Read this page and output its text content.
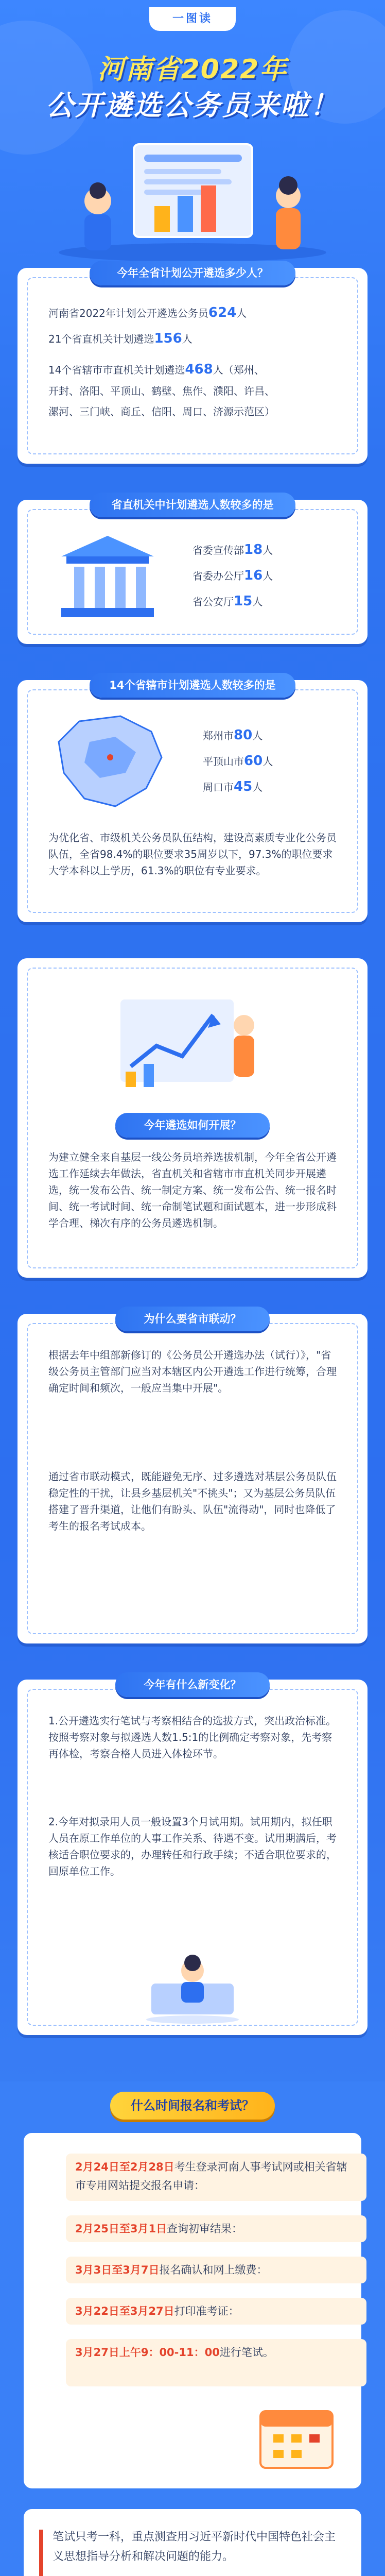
一图读
河南省2022年
公开遴选公务员来啦！
今年全省计划公开遴选多少人？
河南省2022年计划公开遴选公务员624人
21个省直机关计划遴选156人
14个省辖市市直机关计划遴选468人（郑州、
开封、洛阳、平顶山、鹤壁、焦作、濮阳、许昌、
漯河、三门峡、商丘、信阳、周口、济源示范区）
省直机关中计划遴选人数较多的是
省委宣传部18人
省委办公厅16人
省公安厅15人
14个省辖市计划遴选人数较多的是
郑州市80人
平顶山市60人
周口市45人
为优化省、市级机关公务员队伍结构，建设高素质专业化公务员队伍，全省98.4%的职位要求35周岁以下，97.3%的职位要求大学本科以上学历，61.3%的职位有专业要求。
今年遴选如何开展？
为建立健全来自基层一线公务员培养选拔机制，今年全省公开遴选工作延续去年做法，省直机关和省辖市市直机关同步开展遴选，统一发布公告、统一制定方案、统一发布公告、统一报名时间、统一考试时间、统一命制笔试题和面试题本，进一步形成科学合理、梯次有序的公务员遴选机制。
为什么要省市联动？
根据去年中组部新修订的《公务员公开遴选办法（试行）》，"省级公务员主管部门应当对本辖区内公开遴选工作进行统筹，合理确定时间和频次，一般应当集中开展"。
通过省市联动模式，既能避免无序、过多遴选对基层公务员队伍稳定性的干扰，让县乡基层机关"不挑头"；又为基层公务员队伍搭建了晋升渠道，让他们有盼头、队伍"流得动"，同时也降低了考生的报名考试成本。
今年有什么新变化？
1.公开遴选实行笔试与考察相结合的选拔方式，突出政治标准。按照考察对象与拟遴选人数1.5:1的比例确定考察对象，先考察再体检，考察合格人员进入体检环节。
2.今年对拟录用人员一般设置3个月试用期。试用期内，拟任职人员在原工作单位的人事工作关系、待遇不变。试用期满后，考核适合职位要求的，办理转任和行政手续；不适合职位要求的，回原单位工作。
什么时间报名和考试？
2月24日至2月28日考生登录河南人事考试网或相关省辖市专用网站提交报名申请：
2月25日至3月1日查询初审结果：
3月3日至3月7日报名确认和网上缴费：
3月22日至3月27日打印准考证：
3月27日上午9：00-11：00进行笔试。
笔试只考一科，重点测查用习近平新时代中国特色社会主义思想指导分析和解决问题的能力。
